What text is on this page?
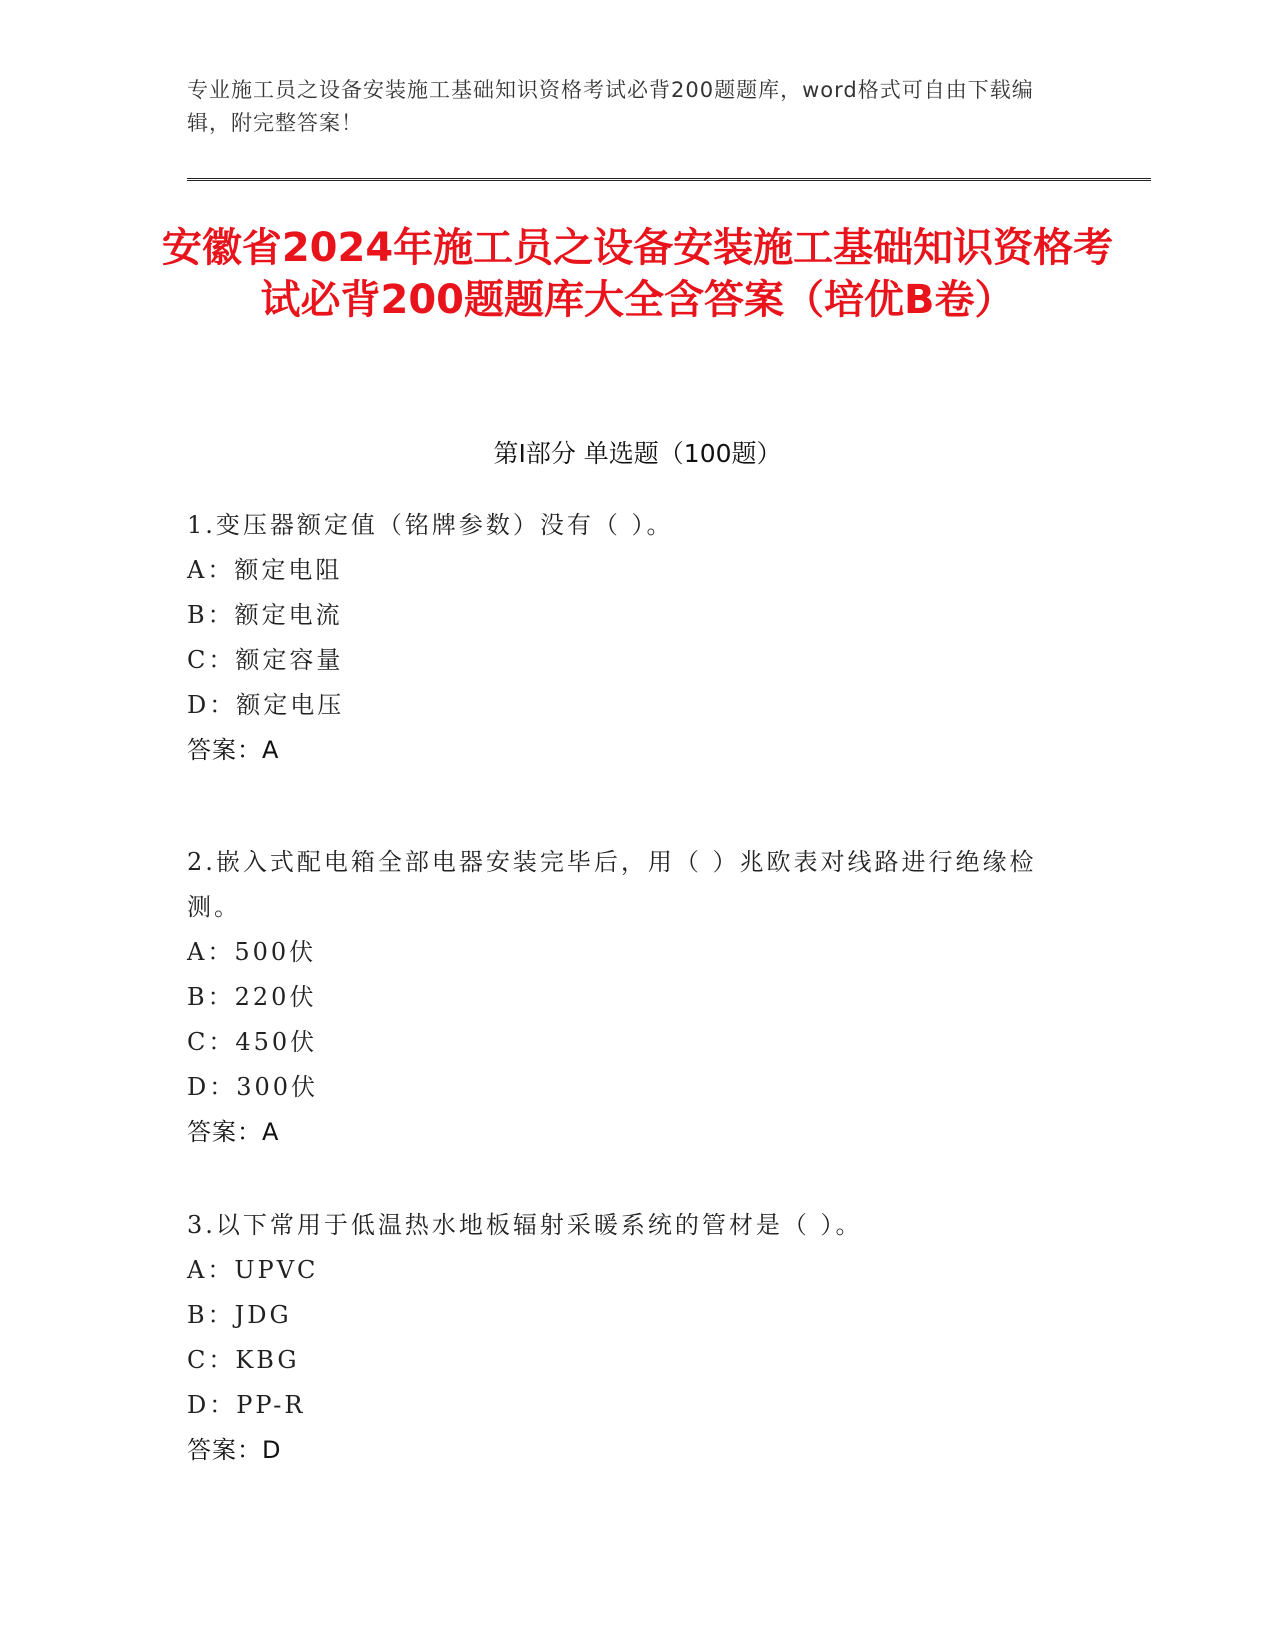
专业施工员之设备安装施工基础知识资格考试必背200题题库，word格式可自由下载编辑，附完整答案！
安徽省2024年施工员之设备安装施工基础知识资格考试必背200题题库大全含答案（培优B卷）
第Ⅰ部分 单选题（100题）

1.变压器额定值（铭牌参数）没有（ ）。

A：额定电阻
B：额定电流
C：额定容量
D：额定电压

答案：A

2.嵌入式配电箱全部电器安装完毕后，用（ ）兆欧表对线路进行绝缘检测。

A：500伏
B：220伏
C：450伏
D：300伏

答案：A

3.以下常用于低温热水地板辐射采暖系统的管材是（ ）。

A：UPVC
B：JDG
C：KBG
D：PP-R

答案：D
